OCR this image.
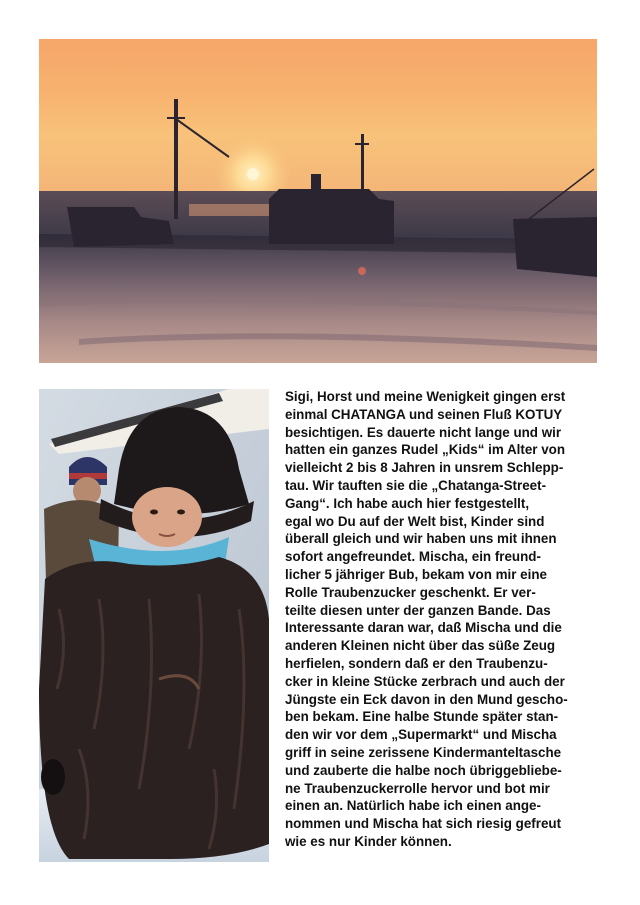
Sigi, Horst und meine Wenigkeit gingen erst
einmal CHATANGA und seinen Fluß KOTUY
besichtigen. Es dauerte nicht lange und wir
hatten ein ganzes Rudel „Kids“ im Alter von
vielleicht 2 bis 8 Jahren in unsrem Schlepp-
tau. Wir tauften sie die „Chatanga-Street-
Gang“. Ich habe auch hier festgestellt,
egal wo Du auf der Welt bist, Kinder sind
überall gleich und wir haben uns mit ihnen
sofort angefreundet. Mischa, ein freund-
licher 5 jähriger Bub, bekam von mir eine
Rolle Traubenzucker geschenkt. Er ver-
teilte diesen unter der ganzen Bande. Das
Interessante daran war, daß Mischa und die
anderen Kleinen nicht über das süße Zeug
herfielen, sondern daß er den Traubenzu-
cker in kleine Stücke zerbrach und auch der
Jüngste ein Eck davon in den Mund gescho-
ben bekam. Eine halbe Stunde später stan-
den wir vor dem „Supermarkt“ und Mischa
griff in seine zerissene Kindermanteltasche
und zauberte die halbe noch übriggebliebe-
ne Traubenzuckerrolle hervor und bot mir
einen an. Natürlich habe ich einen ange-
nommen und Mischa hat sich riesig gefreut
wie es nur Kinder können.
